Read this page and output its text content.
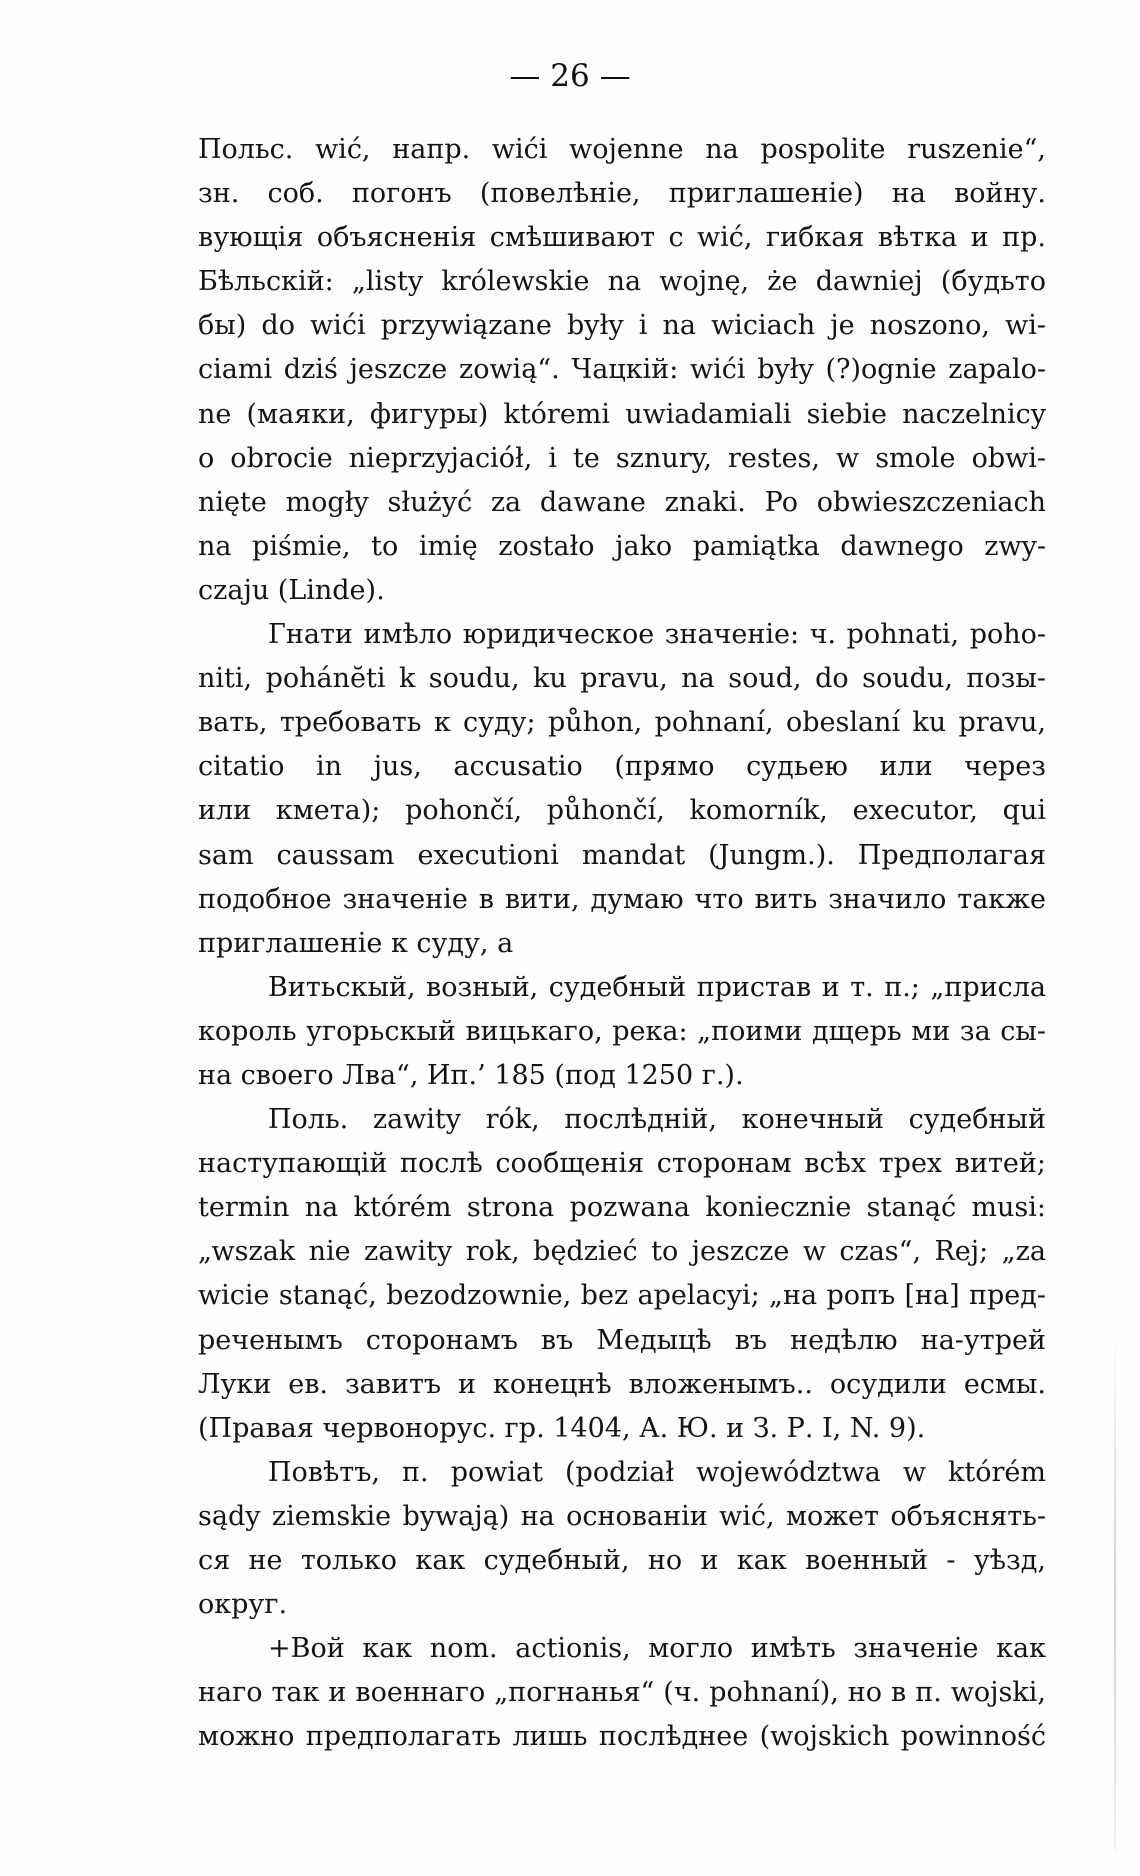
— 26 —
Польс. wić, напр. wići wojenne na pospolite ruszenie“,
зн. соб. погонъ (повелѣніе, приглашеніе) на войну.
вующія объясненія смѣшивают с wić, гибкая вѣтка и пр.
Бѣльскій: „listy królewskie na wojnę, że dawniej (будьто
бы) do wići przywiązane były i na wiciach je noszono, wi-
ciami dziś jeszcze zowią“. Чацкій: wići były (?)ognie zapalo-
ne (маяки, фигуры) którеmi uwiadamiali siebie naczelnicy
o obrocie nieprzyjaciół, i te sznury, restes, w smole obwi-
nięte mogły służyć za dawane znaki. Po obwieszczeniach
na piśmie, to imię zostało jako pamiątka dawnego zwy-
czaju (Linde).
Гнати имѣло юридическое значеніе: ч. pohnati, poho-
niti, pohánĕti k soudu, ku pravu, na soud, do soudu, позы-
вать, требовать к суду; půhon, pohnaní, obeslaní ku pravu,
citatio in jus, accusatio (прямо судьею или через
или кмета); pohončí, půhončí, komorník, executor, qui
sam caussam executioni mandat (Jungm.). Предполагая
подобное значеніе в вити, думаю что вить значило также
приглашеніе к суду, а
Витьскый, возный, судебный пристав и т. п.; „присла
король угорьскый вицькаго, река: „поими дщерь ми за сы-
на своего Лва“, Ип.’ 185 (под 1250 г.).
Поль. zawity rók, послѣдній, конечный судебный
наступающій послѣ сообщенія сторонам всѣх трех витей;
termin na którém strona pozwana koniecznie stanąć musi:
„wszak nie zawity rok, będzieć to jeszcze w czas“, Rej; „za
wicie stanąć, bezodzownie, bez apelacyi; „на ропъ [на] пред-
реченымъ сторонамъ въ Медыцѣ въ недѣлю на-утрей
Луки ев. завитъ и конецнѣ вложенымъ.. осудили есмы.
(Правая червонорус. гр. 1404, А. Ю. и З. Р. I, N. 9).
Повѣтъ, п. powiat (podział województwa w którém
sądy ziemskie bywają) на основаніи wić, может объяснять-
ся не только как судебный, но и как военный - уѣзд,
округ.
+Вой как nom. actionis, могло имѣть значеніе как
наго так и военнаго „погнанья“ (ч. pohnaní), но в п. wojski,
можно предполагать лишь послѣднее (wojskich powinność
